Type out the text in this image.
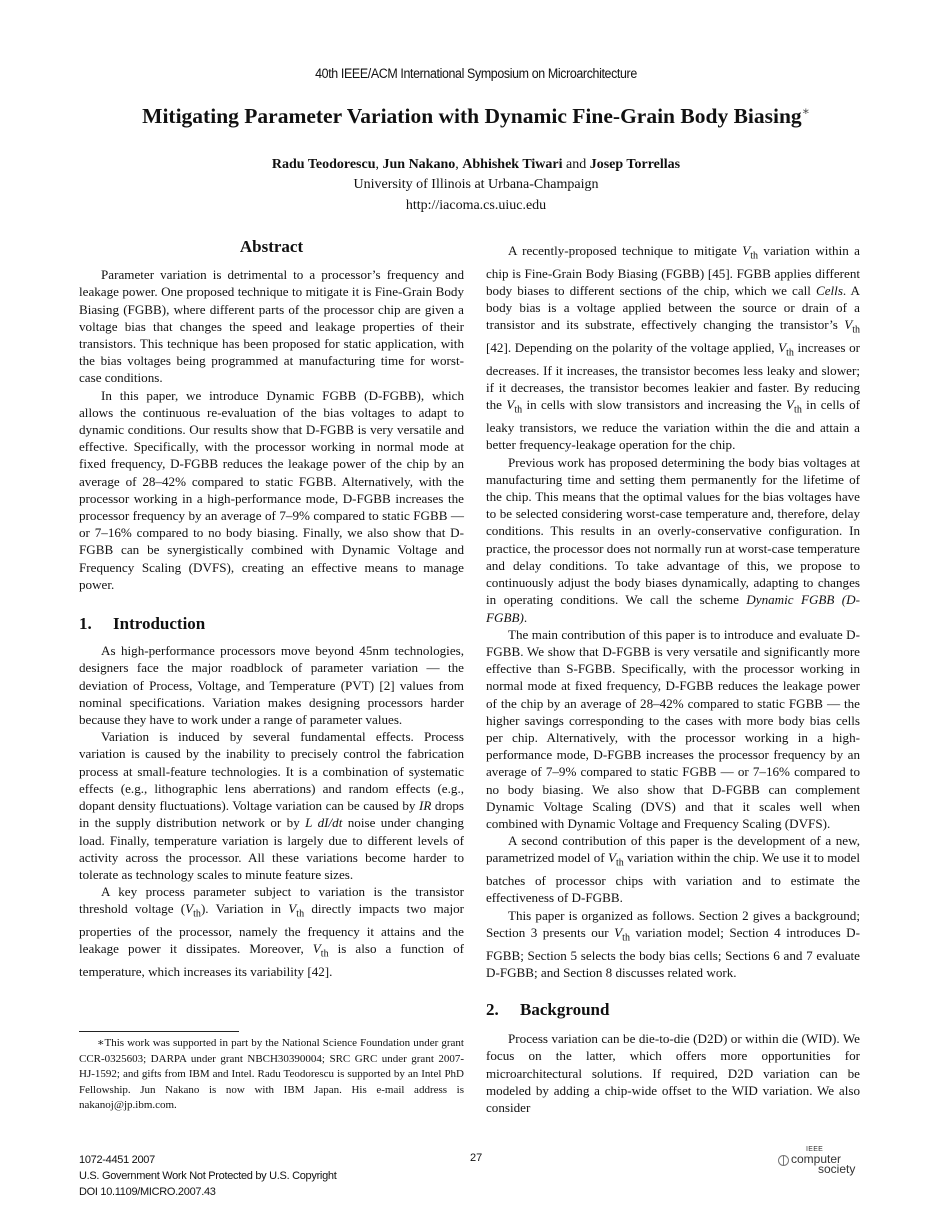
40th IEEE/ACM International Symposium on Microarchitecture
Mitigating Parameter Variation with Dynamic Fine-Grain Body Biasing∗
Radu Teodorescu, Jun Nakano, Abhishek Tiwari and Josep Torrellas
University of Illinois at Urbana-Champaign
http://iacoma.cs.uiuc.edu
Abstract

Parameter variation is detrimental to a processor’s frequency and leakage power. One proposed technique to mitigate it is Fine-Grain Body Biasing (FGBB), where different parts of the processor chip are given a voltage bias that changes the speed and leakage properties of their transistors. This technique has been proposed for static application, with the bias voltages being programmed at manufacturing time for worst-case conditions.

In this paper, we introduce Dynamic FGBB (D-FGBB), which allows the continuous re-evaluation of the bias voltages to adapt to dynamic conditions. Our results show that D-FGBB is very versatile and effective. Specifically, with the processor working in normal mode at fixed frequency, D-FGBB reduces the leakage power of the chip by an average of 28–42% compared to static FGBB. Alternatively, with the processor working in a high-performance mode, D-FGBB increases the processor frequency by an average of 7–9% compared to static FGBB — or 7–16% compared to no body biasing. Finally, we also show that D-FGBB can be synergistically combined with Dynamic Voltage and Frequency Scaling (DVFS), creating an effective means to manage power.

1. Introduction

As high-performance processors move beyond 45nm technologies, designers face the major roadblock of parameter variation — the deviation of Process, Voltage, and Temperature (PVT) [2] values from nominal specifications. Variation makes designing processors harder because they have to work under a range of parameter values.

Variation is induced by several fundamental effects. Process variation is caused by the inability to precisely control the fabrication process at small-feature technologies. It is a combination of systematic effects (e.g., lithographic lens aberrations) and random effects (e.g., dopant density fluctuations). Voltage variation can be caused by IR drops in the supply distribution network or by L dI/dt noise under changing load. Finally, temperature variation is largely due to different levels of activity across the processor. All these variations become harder to tolerate as technology scales to minute feature sizes.

A key process parameter subject to variation is the transistor threshold voltage $(V_{th})$. Variation in $V_{th}$ directly impacts two major properties of the processor, namely the frequency it attains and the leakage power it dissipates. Moreover, $V_{th}$ is also a function of temperature, which increases its variability [42].

∗This work was supported in part by the National Science Foundation under grant CCR-0325603; DARPA under grant NBCH30390004; SRC GRC under grant 2007-HJ-1592; and gifts from IBM and Intel. Radu Teodorescu is supported by an Intel PhD Fellowship. Jun Nakano is now with IBM Japan. His e-mail address is nakanoj@jp.ibm.com.

A recently-proposed technique to mitigate $V_{th}$ variation within a chip is Fine-Grain Body Biasing (FGBB) [45]. FGBB applies different body biases to different sections of the chip, which we call Cells. A body bias is a voltage applied between the source or drain of a transistor and its substrate, effectively changing the transistor’s $V_{th}$ [42]. Depending on the polarity of the voltage applied, $V_{th}$ increases or decreases. If it increases, the transistor becomes less leaky and slower; if it decreases, the transistor becomes leakier and faster. By reducing the $V_{th}$ in cells with slow transistors and increasing the $V_{th}$ in cells of leaky transistors, we reduce the variation within the die and attain a better frequency-leakage operation for the chip.

Previous work has proposed determining the body bias voltages at manufacturing time and setting them permanently for the lifetime of the chip. This means that the optimal values for the bias voltages have to be selected considering worst-case temperature and, therefore, delay conditions. This results in an overly-conservative configuration. In practice, the processor does not normally run at worst-case temperature and delay conditions. To take advantage of this, we propose to continuously adjust the body biases dynamically, adapting to changes in operating conditions. We call the scheme Dynamic FGBB (D-FGBB).

The main contribution of this paper is to introduce and evaluate D-FGBB. We show that D-FGBB is very versatile and significantly more effective than S-FGBB. Specifically, with the processor working in normal mode at fixed frequency, D-FGBB reduces the leakage power of the chip by an average of 28–42% compared to static FGBB — the higher savings corresponding to the cases with more body bias cells per chip. Alternatively, with the processor working in a high-performance mode, D-FGBB increases the processor frequency by an average of 7–9% compared to static FGBB — or 7–16% compared to no body biasing. We also show that D-FGBB can complement Dynamic Voltage Scaling (DVS) and that it scales well when combined with Dynamic Voltage and Frequency Scaling (DVFS).

A second contribution of this paper is the development of a new, parametrized model of $V_{th}$ variation within the chip. We use it to model batches of processor chips with variation and to estimate the effectiveness of D-FGBB.

This paper is organized as follows. Section 2 gives a background; Section 3 presents our $V_{th}$ variation model; Section 4 introduces D-FGBB; Section 5 selects the body bias cells; Sections 6 and 7 evaluate D-FGBB; and Section 8 discusses related work.

2. Background

Process variation can be die-to-die (D2D) or within die (WID). We focus on the latter, which offers more opportunities for microarchitectural solutions. If required, D2D variation can be modeled by adding a chip-wide offset to the WID variation. We also consider

1072-4451 2007
U.S. Government Work Not Protected by U.S. Copyright
DOI 10.1109/MICRO.2007.43
27
IEEE
computer
society
